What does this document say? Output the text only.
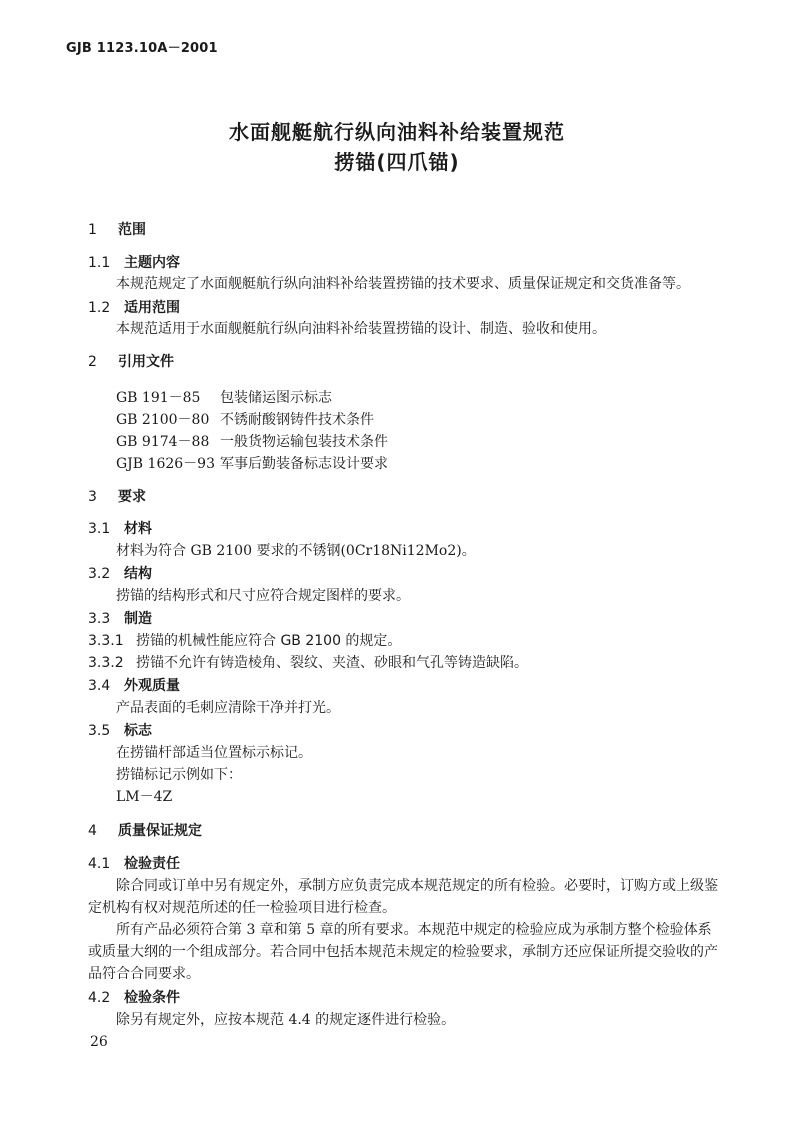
GJB 1123.10A－2001
水面舰艇航行纵向油料补给装置规范
捞锚(四爪锚)
1 范围
1.1 主题内容
本规范规定了水面舰艇航行纵向油料补给装置捞锚的技术要求、质量保证规定和交货准备等。
1.2 适用范围
本规范适用于水面舰艇航行纵向油料补给装置捞锚的设计、制造、验收和使用。
2 引用文件
GB 191－85 包装储运图示标志
GB 2100－80 不锈耐酸钢铸件技术条件
GB 9174－88 一般货物运输包装技术条件
GJB 1626－93 军事后勤装备标志设计要求
3 要求
3.1 材料
材料为符合 GB 2100 要求的不锈钢(0Cr18Ni12Mo2)。
3.2 结构
捞锚的结构形式和尺寸应符合规定图样的要求。
3.3 制造
3.3.1 捞锚的机械性能应符合 GB 2100 的规定。
3.3.2 捞锚不允许有铸造棱角、裂纹、夹渣、砂眼和气孔等铸造缺陷。
3.4 外观质量
产品表面的毛刺应清除干净并打光。
3.5 标志
在捞锚杆部适当位置标示标记。
捞锚标记示例如下：
LM－4Z
4 质量保证规定
4.1 检验责任
除合同或订单中另有规定外，承制方应负责完成本规范规定的所有检验。必要时，订购方或上级鉴
定机构有权对规范所述的任一检验项目进行检查。
所有产品必须符合第 3 章和第 5 章的所有要求。本规范中规定的检验应成为承制方整个检验体系
或质量大纲的一个组成部分。若合同中包括本规范未规定的检验要求，承制方还应保证所提交验收的产
品符合合同要求。
4.2 检验条件
除另有规定外，应按本规范 4.4 的规定逐件进行检验。
26
